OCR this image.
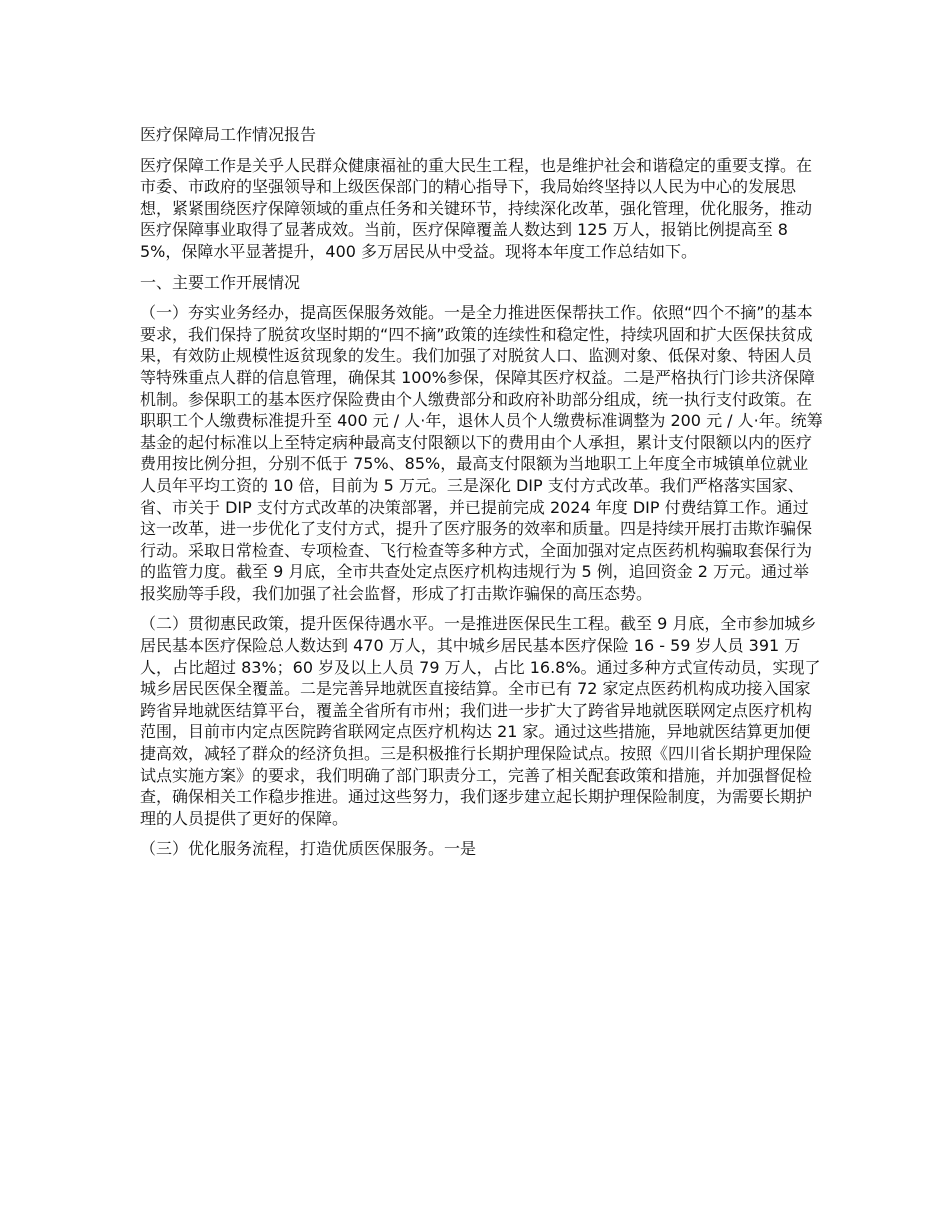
医疗保障局工作情况报告
医疗保障工作是关乎人民群众健康福祉的重大民生工程，也是维护社会和谐稳定的重要支撑。在市委、市政府的坚强领导和上级医保部门的精心指导下，我局始终坚持以人民为中心的发展思想，紧紧围绕医疗保障领域的重点任务和关键环节，持续深化改革，强化管理，优化服务，推动医疗保障事业取得了显著成效。当前，医疗保障覆盖人数达到 125 万人，报销比例提高至 85%，保障水平显著提升，400 多万居民从中受益。现将本年度工作总结如下。
一、主要工作开展情况
（一）夯实业务经办，提高医保服务效能。一是全力推进医保帮扶工作。依照“四个不摘”的基本要求，我们保持了脱贫攻坚时期的“四不摘”政策的连续性和稳定性，持续巩固和扩大医保扶贫成果，有效防止规模性返贫现象的发生。我们加强了对脱贫人口、监测对象、低保对象、特困人员等特殊重点人群的信息管理，确保其 100%参保，保障其医疗权益。二是严格执行门诊共济保障机制。参保职工的基本医疗保险费由个人缴费部分和政府补助部分组成，统一执行支付政策。在职职工个人缴费标准提升至 400 元 / 人·年，退休人员个人缴费标准调整为 200 元 / 人·年。统筹基金的起付标准以上至特定病种最高支付限额以下的费用由个人承担，累计支付限额以内的医疗费用按比例分担，分别不低于 75%、85%，最高支付限额为当地职工上年度全市城镇单位就业人员年平均工资的 10 倍，目前为 5 万元。三是深化 DIP 支付方式改革。我们严格落实国家、省、市关于 DIP 支付方式改革的决策部署，并已提前完成 2024 年度 DIP 付费结算工作。通过这一改革，进一步优化了支付方式，提升了医疗服务的效率和质量。四是持续开展打击欺诈骗保行动。采取日常检查、专项检查、飞行检查等多种方式，全面加强对定点医药机构骗取套保行为的监管力度。截至 9 月底，全市共查处定点医疗机构违规行为 5 例，追回资金 2 万元。通过举报奖励等手段，我们加强了社会监督，形成了打击欺诈骗保的高压态势。
（二）贯彻惠民政策，提升医保待遇水平。一是推进医保民生工程。截至 9 月底，全市参加城乡居民基本医疗保险总人数达到 470 万人，其中城乡居民基本医疗保险 16 - 59 岁人员 391 万人，占比超过 83%；60 岁及以上人员 79 万人，占比 16.8%。通过多种方式宣传动员，实现了城乡居民医保全覆盖。二是完善异地就医直接结算。全市已有 72 家定点医药机构成功接入国家跨省异地就医结算平台，覆盖全省所有市州；我们进一步扩大了跨省异地就医联网定点医疗机构范围，目前市内定点医院跨省联网定点医疗机构达 21 家。通过这些措施，异地就医结算更加便捷高效，减轻了群众的经济负担。三是积极推行长期护理保险试点。按照《四川省长期护理保险试点实施方案》的要求，我们明确了部门职责分工，完善了相关配套政策和措施，并加强督促检查，确保相关工作稳步推进。通过这些努力，我们逐步建立起长期护理保险制度，为需要长期护理的人员提供了更好的保障。
（三）优化服务流程，打造优质医保服务。一是
